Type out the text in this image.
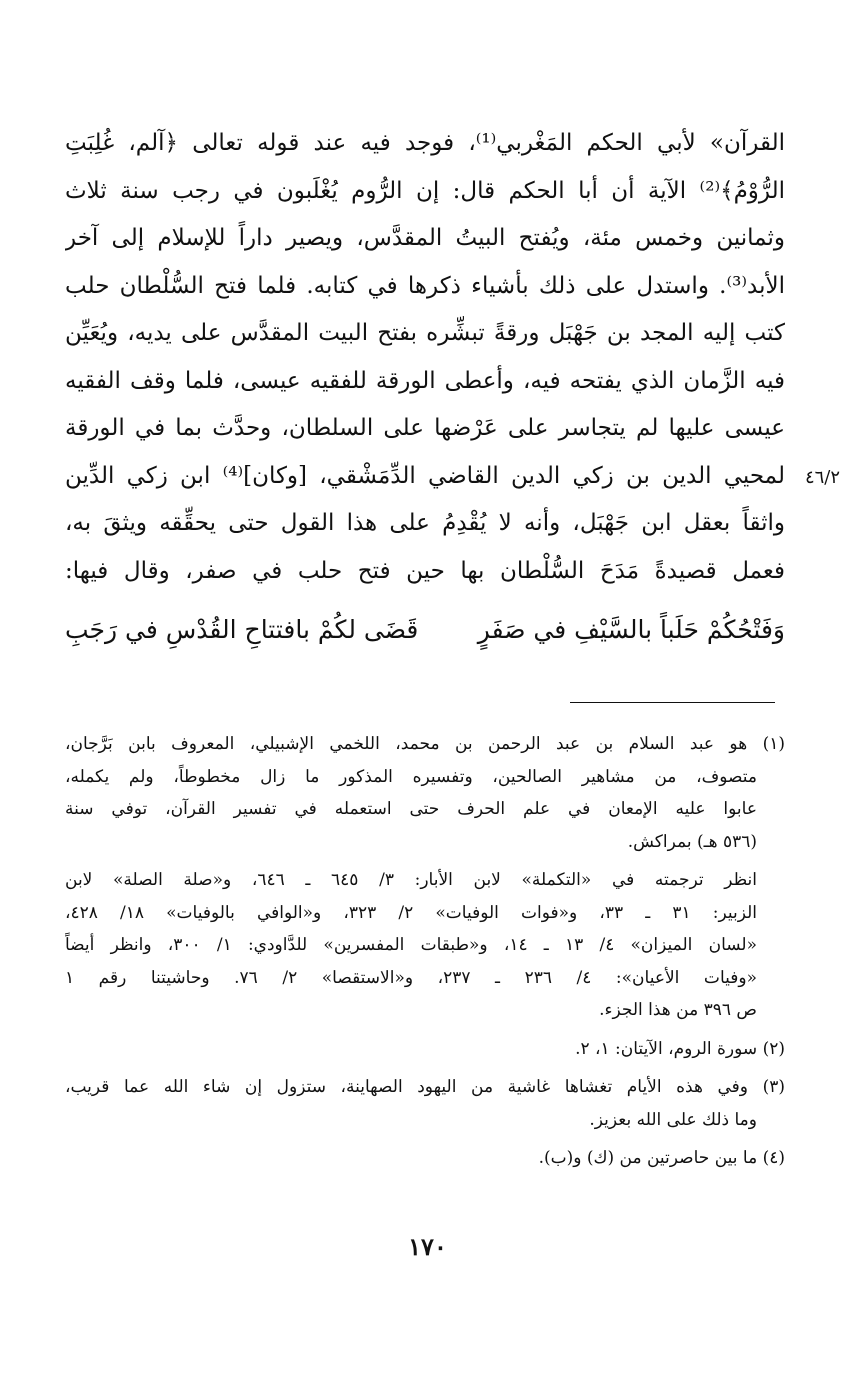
القرآن» لأبي الحكم المَغْربي⁽¹⁾، فوجد فيه عند قوله تعالى ﴿آلم، غُلِبَتِ
الرُّوْمُ﴾⁽²⁾ الآية أن أبا الحكم قال: إن الرُّوم يُغْلَبون في رجب سنة ثلاث
وثمانين وخمس مئة، ويُفتح البيتُ المقدَّس، ويصير داراً للإسلام إلى آخر
الأبد⁽³⁾. واستدل على ذلك بأشياء ذكرها في كتابه. فلما فتح السُّلْطان حلب
كتب إليه المجد بن جَهْبَل ورقةً تبشِّره بفتح البيت المقدَّس على يديه، ويُعَيِّن
فيه الزَّمان الذي يفتحه فيه، وأعطى الورقة للفقيه عيسى، فلما وقف الفقيه
عيسى عليها لم يتجاسر على عَرْضها على السلطان، وحدَّث بما في الورقة
لمحيي الدين بن زكي الدين القاضي الدِّمَشْقي، [وكان]⁽⁴⁾ ابن زكي الدِّين
واثقاً بعقل ابن جَهْبَل، وأنه لا يُقْدِمُ على هذا القول حتى يحقِّقه ويثقَ به،
فعمل قصيدةً مَدَحَ السُّلْطان بها حين فتح حلب في صفر، وقال فيها:
٤٦/٢
وَفَتْحُكُمْ حَلَباً بالسَّيْفِ في صَفَرٍ
قَضَى لكُمْ بافتتاحِ القُدْسِ في رَجَبِ
(١) هو عبد السلام بن عبد الرحمن بن محمد، اللخمي الإشبيلي، المعروف بابن بَرَّجان،
متصوف، من مشاهير الصالحين، وتفسيره المذكور ما زال مخطوطاً، ولم يكمله،
عابوا عليه الإمعان في علم الحرف حتى استعمله في تفسير القرآن، توفي سنة
(٥٣٦ هـ) بمراكش.
انظر ترجمته في «التكملة» لابن الأبار: ٣/ ٦٤٥ ـ ٦٤٦، و«صلة الصلة» لابن
الزبير: ٣١ ـ ٣٣، و«فوات الوفيات» ٢/ ٣٢٣، و«الوافي بالوفيات» ١٨/ ٤٢٨،
«لسان الميزان» ٤/ ١٣ ـ ١٤، و«طبقات المفسرين» للدَّاودي: ١/ ٣٠٠، وانظر أيضاً
«وفيات الأعيان»: ٤/ ٢٣٦ ـ ٢٣٧، و«الاستقصا» ٢/ ٧٦. وحاشيتنا رقم ١
ص ٣٩٦ من هذا الجزء.
(٢) سورة الروم، الآيتان: ١، ٢.
(٣) وفي هذه الأيام تغشاها غاشية من اليهود الصهاينة، ستزول إن شاء الله عما قريب،
وما ذلك على الله بعزيز.
(٤) ما بين حاصرتين من (ك) و(ب).
١٧٠
